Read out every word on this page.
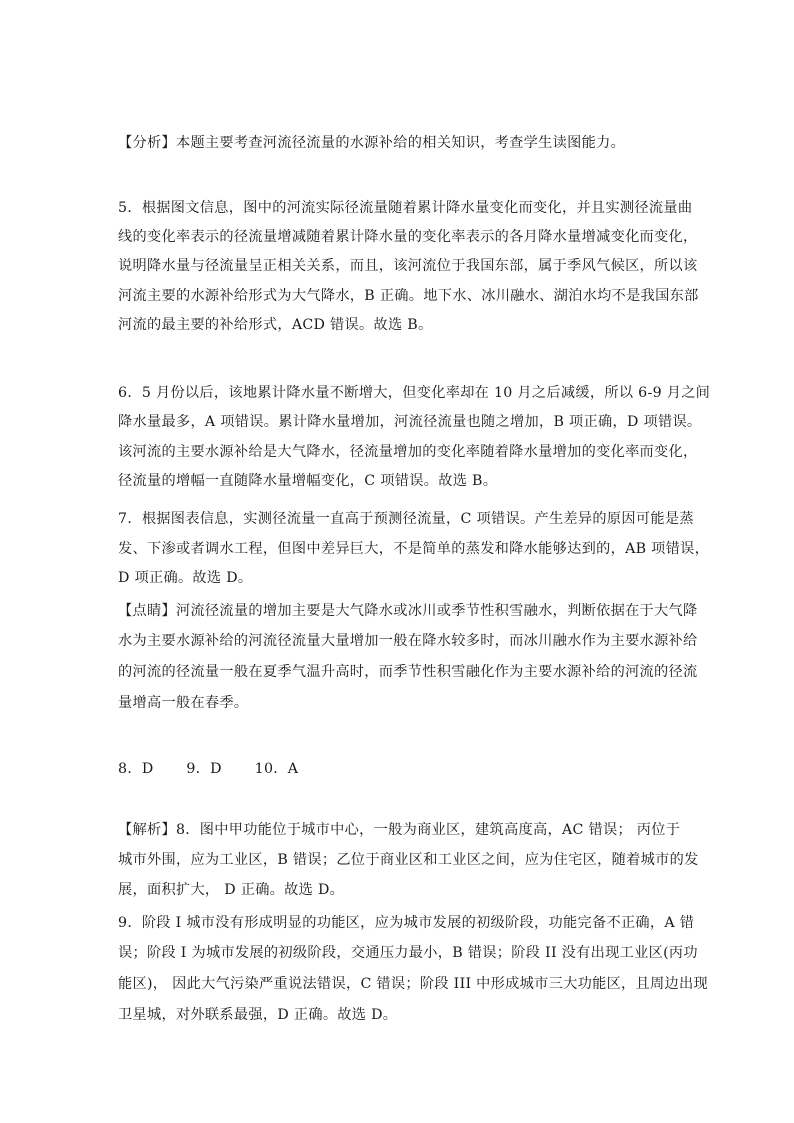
【分析】本题主要考查河流径流量的水源补给的相关知识，考查学生读图能力。
5．根据图文信息，图中的河流实际径流量随着累计降水量变化而变化，并且实测径流量曲
线的变化率表示的径流量增减随着累计降水量的变化率表示的各月降水量增减变化而变化，
说明降水量与径流量呈正相关关系，而且，该河流位于我国东部，属于季风气候区，所以该
河流主要的水源补给形式为大气降水，B 正确。地下水、冰川融水、湖泊水均不是我国东部
河流的最主要的补给形式，ACD 错误。故选 B。
6．5 月份以后，该地累计降水量不断增大，但变化率却在 10 月之后减缓，所以 6-9 月之间
降水量最多，A 项错误。累计降水量增加，河流径流量也随之增加，B 项正确，D 项错误。
该河流的主要水源补给是大气降水，径流量增加的变化率随着降水量增加的变化率而变化，
径流量的增幅一直随降水量增幅变化，C 项错误。故选 B。
7．根据图表信息，实测径流量一直高于预测径流量，C 项错误。产生差异的原因可能是蒸
发、下渗或者调水工程，但图中差异巨大，不是简单的蒸发和降水能够达到的，AB 项错误，
D 项正确。故选 D。
【点睛】河流径流量的增加主要是大气降水或冰川或季节性积雪融水，判断依据在于大气降
水为主要水源补给的河流径流量大量增加一般在降水较多时，而冰川融水作为主要水源补给
的河流的径流量一般在夏季气温升高时，而季节性积雪融化作为主要水源补给的河流的径流
量增高一般在春季。
8．D 9．D 10．A
【解析】8．图中甲功能位于城市中心，一般为商业区，建筑高度高，AC 错误； 丙位于
城市外围，应为工业区，B 错误；乙位于商业区和工业区之间，应为住宅区，随着城市的发
展，面积扩大， D 正确。故选 D。
9．阶段 I 城市没有形成明显的功能区，应为城市发展的初级阶段，功能完备不正确，A 错
误；阶段 I 为城市发展的初级阶段，交通压力最小，B 错误；阶段 II 没有出现工业区(丙功
能区)， 因此大气污染严重说法错误，C 错误；阶段 III 中形成城市三大功能区，且周边出现
卫星城，对外联系最强，D 正确。故选 D。
